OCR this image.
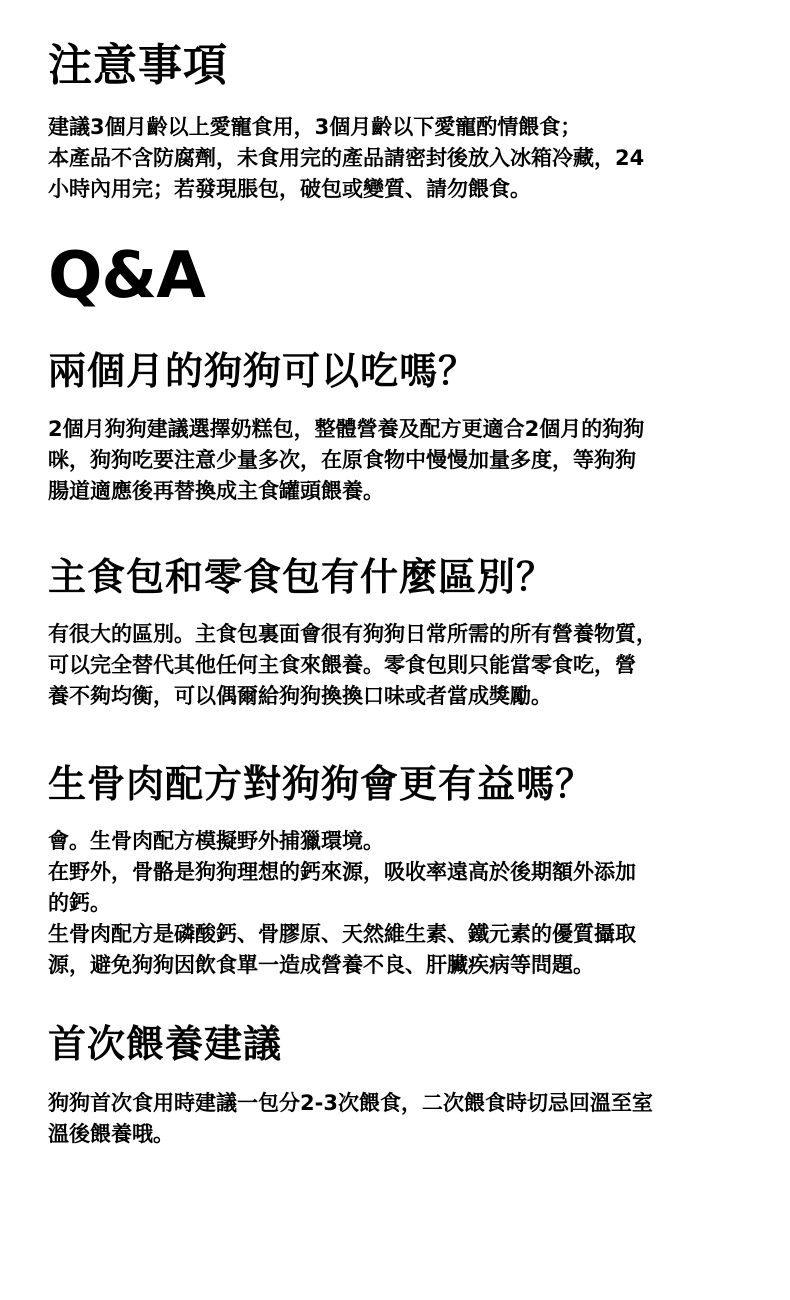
注意事項
建議3個月齡以上愛寵食用，3個月齡以下愛寵酌情餵食；
本產品不含防腐劑，未食用完的產品請密封後放入冰箱冷藏，24
小時內用完；若發現脹包，破包或變質、請勿餵食。
Q&A
兩個月的狗狗可以吃嗎？
2個月狗狗建議選擇奶糕包，整體營養及配方更適合2個月的狗狗
咪，狗狗吃要注意少量多次，在原食物中慢慢加量多度，等狗狗
腸道適應後再替換成主食罐頭餵養。
主食包和零食包有什麼區別？
有很大的區別。主食包裏面會很有狗狗日常所需的所有營養物質，
可以完全替代其他任何主食來餵養。零食包則只能當零食吃，營
養不夠均衡，可以偶爾給狗狗換換口味或者當成獎勵。
生骨肉配方對狗狗會更有益嗎？
會。生骨肉配方模擬野外捕獵環境。
在野外，骨骼是狗狗理想的鈣來源，吸收率遠高於後期額外添加
的鈣。
生骨肉配方是磷酸鈣、骨膠原、天然維生素、鐵元素的優質攝取
源，避免狗狗因飲食單一造成營養不良、肝臟疾病等問題。
首次餵養建議
狗狗首次食用時建議一包分2-3次餵食，二次餵食時切忌回溫至室
溫後餵養哦。
